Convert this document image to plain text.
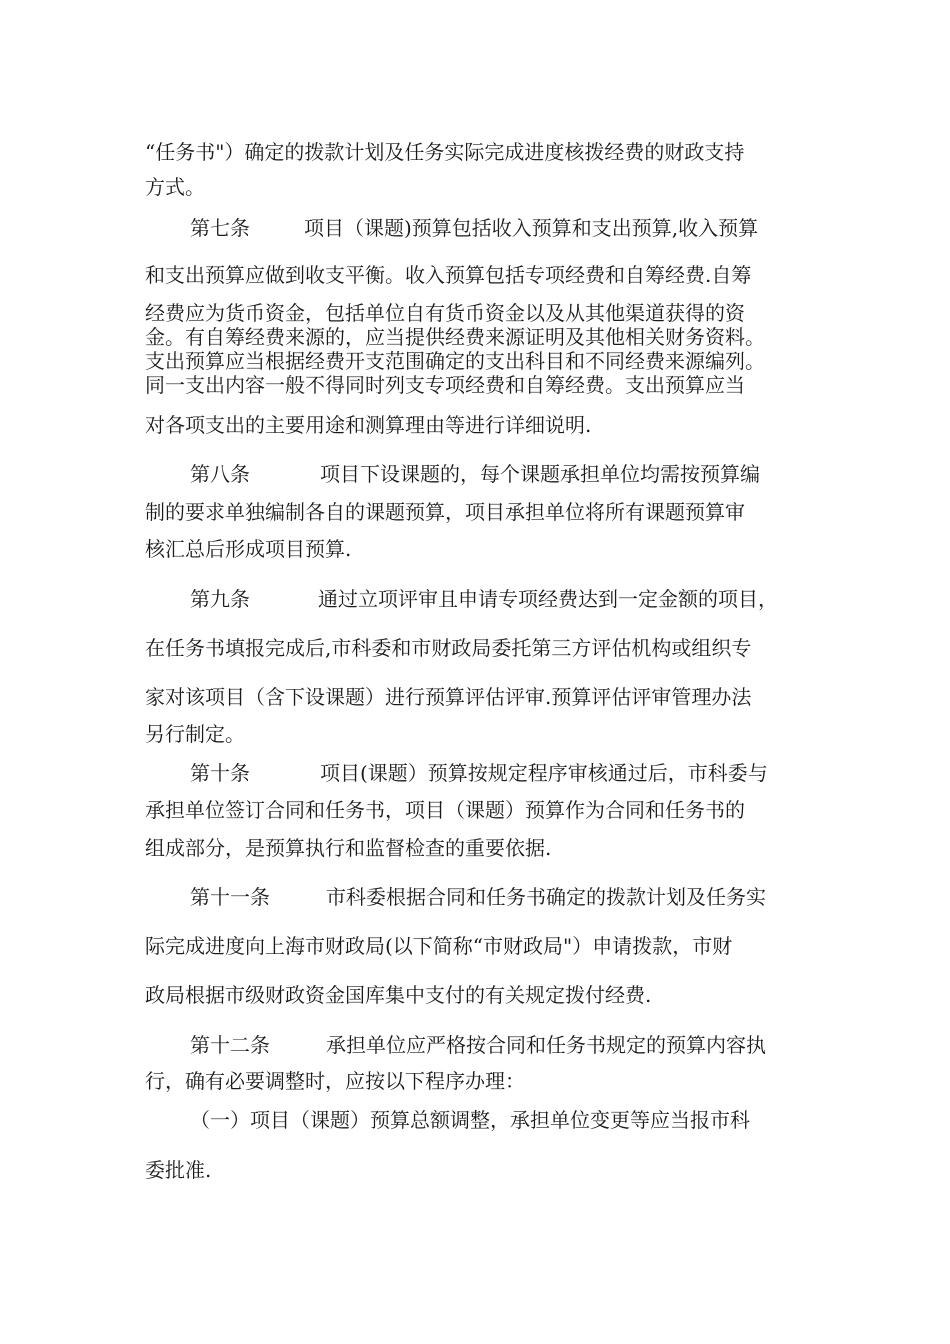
“任务书"）确定的拨款计划及任务实际完成进度核拨经费的财政支持
方式。
第七条	项目（课题)预算包括收入预算和支出预算,收入预算
和支出预算应做到收支平衡。收入预算包括专项经费和自筹经费.自筹
经费应为货币资金，包括单位自有货币资金以及从其他渠道获得的资
金。有自筹经费来源的，应当提供经费来源证明及其他相关财务资料。
支出预算应当根据经费开支范围确定的支出科目和不同经费来源编列。
同一支出内容一般不得同时列支专项经费和自筹经费。支出预算应当
对各项支出的主要用途和测算理由等进行详细说明.
第八条	项目下设课题的，每个课题承担单位均需按预算编
制的要求单独编制各自的课题预算，项目承担单位将所有课题预算审
核汇总后形成项目预算.
第九条	通过立项评审且申请专项经费达到一定金额的项目，
在任务书填报完成后,市科委和市财政局委托第三方评估机构或组织专
家对该项目（含下设课题）进行预算评估评审.预算评估评审管理办法
另行制定。
第十条	项目(课题）预算按规定程序审核通过后，市科委与
承担单位签订合同和任务书，项目（课题）预算作为合同和任务书的
组成部分，是预算执行和监督检查的重要依据.
第十一条	市科委根据合同和任务书确定的拨款计划及任务实
际完成进度向上海市财政局(以下简称“市财政局"）申请拨款，市财
政局根据市级财政资金国库集中支付的有关规定拨付经费.
第十二条	承担单位应严格按合同和任务书规定的预算内容执
行，确有必要调整时，应按以下程序办理：
（一）项目（课题）预算总额调整，承担单位变更等应当报市科
委批准.
